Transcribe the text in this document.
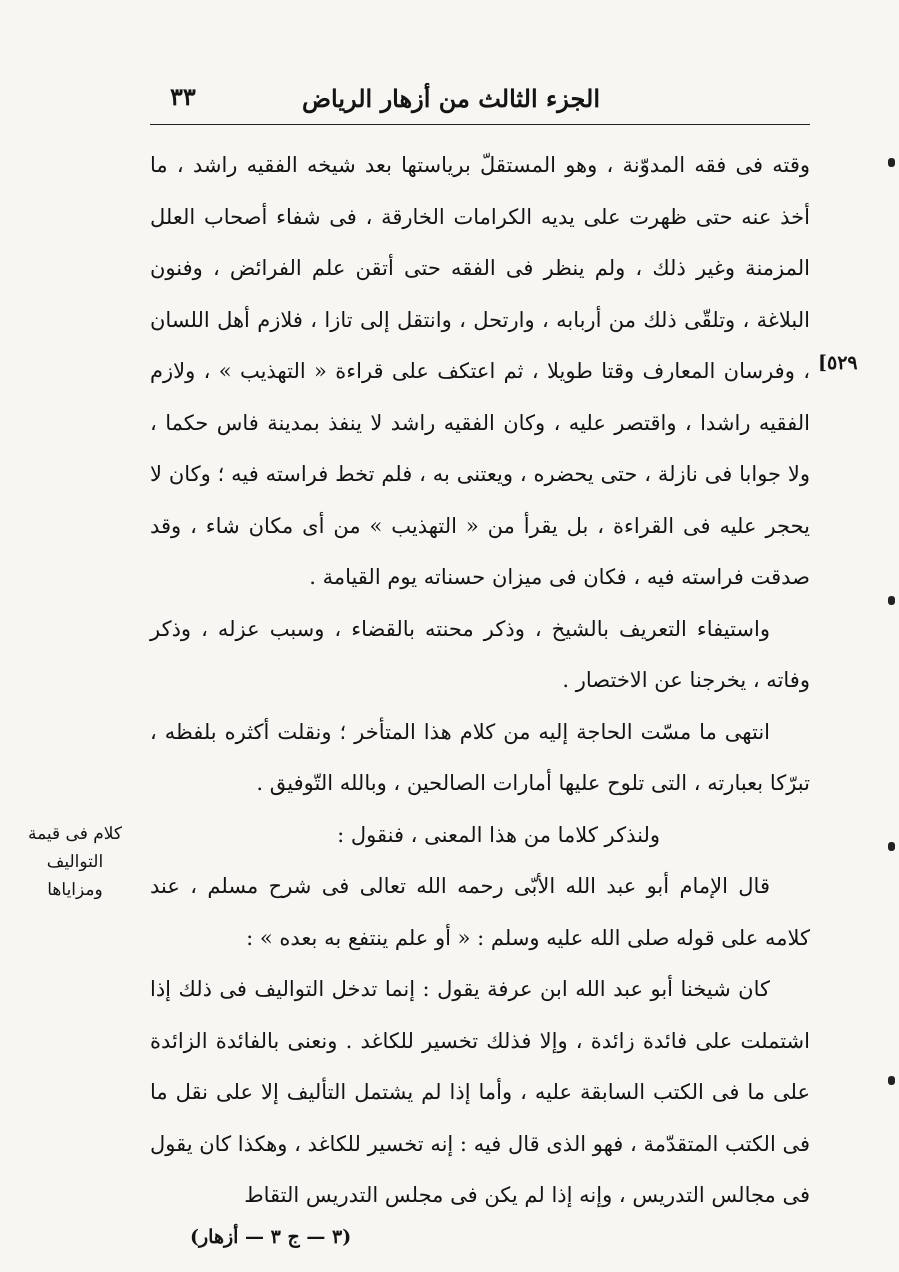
الجزء الثالث من أزهار الرياض
٣٣
[٥٢٩

وقته فى فقه المدوّنة ، وهو المستقلّ برياستها بعد شيخه الفقيه راشد ، ما أخذ عنه حتى ظهرت على يديه الكرامات الخارقة ، فى شفاء أصحاب العلل المزمنة وغير ذلك ، ولم ينظر فى الفقه حتى أتقن علم الفرائض ، وفنون البلاغة ، وتلقّى ذلك من أربابه ، وارتحل ، وانتقل إلى تازا ، فلازم أهل اللسان ، وفرسان المعارف وقتا طويلا ، ثم اعتكف على قراءة « التهذيب » ، ولازم الفقيه راشدا ، واقتصر عليه ، وكان الفقيه راشد لا ينفذ بمدينة فاس حكما ، ولا جوابا فى نازلة ، حتى يحضره ، ويعتنى به ، فلم تخط فراسته فيه ؛ وكان لا يحجر عليه فى القراءة ، بل يقرأ من « التهذيب » من أى مكان شاء ، وقد صدقت فراسته فيه ، فكان فى ميزان حسناته يوم القيامة .

واستيفاء التعريف بالشيخ ، وذكر محنته بالقضاء ، وسبب عزله ، وذكر وفاته ، يخرجنا عن الاختصار .

انتهى ما مسّت الحاجة إليه من كلام هذا المتأخر ؛ ونقلت أكثره بلفظه ، تبرّكا بعبارته ، التى تلوح عليها أمارات الصالحين ، وبالله التّوفيق .

ولنذكر كلاما من هذا المعنى ، فنقول :

قال الإمام أبو عبد الله الأبّى رحمه الله تعالى فى شرح مسلم ، عند كلامه على قوله صلى الله عليه وسلم : « أو علم ينتفع به بعده » :

كان شيخنا أبو عبد الله ابن عرفة يقول : إنما تدخل التواليف فى ذلك إذا اشتملت على فائدة زائدة ، وإلا فذلك تخسير للكاغد . ونعنى بالفائدة الزائدة على ما فى الكتب السابقة عليه ، وأما إذا لم يشتمل التأليف إلا على نقل ما فى الكتب المتقدّمة ، فهو الذى قال فيه : إنه تخسير للكاغد ، وهكذا كان يقول فى مجالس التدريس ، وإنه إذا لم يكن فى مجلس التدريس التقاط

كلام فى قيمة
التواليف
ومزاياها
(٣ — ج ٣ — أزهار)
